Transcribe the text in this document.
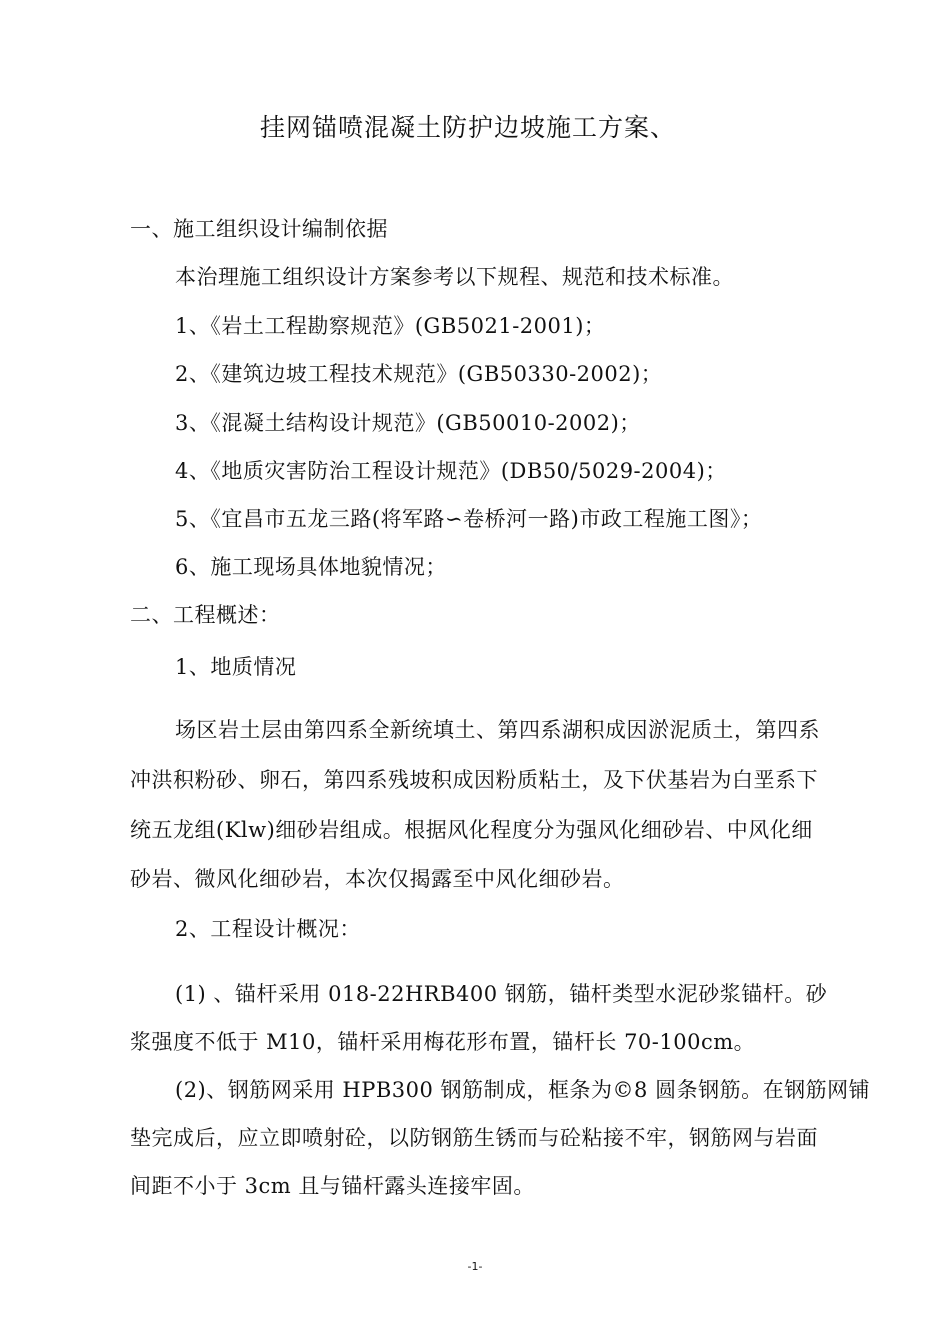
挂网锚喷混凝土防护边坡施工方案、
一、施工组织设计编制依据
本治理施工组织设计方案参考以下规程、规范和技术标准。
1、《岩土工程勘察规范》(GB5021-2001)；
2、《建筑边坡工程技术规范》(GB50330-2002)；
3、《混凝土结构设计规范》(GB50010-2002)；
4、《地质灾害防治工程设计规范》(DB50/5029-2004)；
5、《宜昌市五龙三路(将军路∽卷桥河一路)市政工程施工图》；
6、施工现场具体地貌情况；
二、工程概述：
1、地质情况
场区岩土层由第四系全新统填土、第四系湖积成因淤泥质土，第四系
冲洪积粉砂、卵石，第四系残坡积成因粉质粘土，及下伏基岩为白垩系下
统五龙组(Klw)细砂岩组成。根据风化程度分为强风化细砂岩、中风化细
砂岩、微风化细砂岩，本次仅揭露至中风化细砂岩。
2、工程设计概况：
(1) 、锚杆采用 018-22HRB400 钢筋，锚杆类型水泥砂浆锚杆。砂
浆强度不低于 M10，锚杆采用梅花形布置，锚杆长 70-100cm。
(2)、钢筋网采用 HPB300 钢筋制成，框条为©8 圆条钢筋。在钢筋网铺
垫完成后，应立即喷射砼，以防钢筋生锈而与砼粘接不牢，钢筋网与岩面
间距不小于 3cm 且与锚杆露头连接牢固。
-1-
